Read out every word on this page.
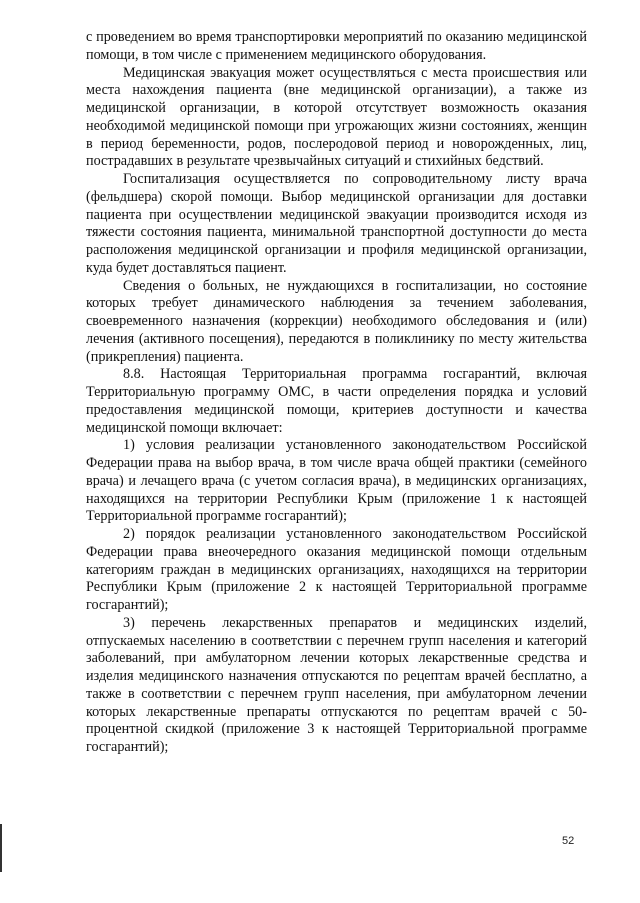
с проведением во время транспортировки мероприятий по оказанию медицинской помощи, в том числе с применением медицинского оборудования.

Медицинская эвакуация может осуществляться с места происшествия или места нахождения пациента (вне медицинской организации), а также из медицинской организации, в которой отсутствует возможность оказания необходимой медицинской помощи при угрожающих жизни состояниях, женщин в период беременности, родов, послеродовой период и новорожденных, лиц, пострадавших в результате чрезвычайных ситуаций и стихийных бедствий.

Госпитализация осуществляется по сопроводительному листу врача (фельдшера) скорой помощи. Выбор медицинской организации для доставки пациента при осуществлении медицинской эвакуации производится исходя из тяжести состояния пациента, минимальной транспортной доступности до места расположения медицинской организации и профиля медицинской организации, куда будет доставляться пациент.

Сведения о больных, не нуждающихся в госпитализации, но состояние которых требует динамического наблюдения за течением заболевания, своевременного назначения (коррекции) необходимого обследования и (или) лечения (активного посещения), передаются в поликлинику по месту жительства (прикрепления) пациента.

8.8. Настоящая Территориальная программа госгарантий, включая Территориальную программу ОМС, в части определения порядка и условий предоставления медицинской помощи, критериев доступности и качества медицинской помощи включает:

1) условия реализации установленного законодательством Российской Федерации права на выбор врача, в том числе врача общей практики (семейного врача) и лечащего врача (с учетом согласия врача), в медицинских организациях, находящихся на территории Республики Крым (приложение 1 к настоящей Территориальной программе госгарантий);

2) порядок реализации установленного законодательством Российской Федерации права внеочередного оказания медицинской помощи отдельным категориям граждан в медицинских организациях, находящихся на территории Республики Крым (приложение 2 к настоящей Территориальной программе госгарантий);

3) перечень лекарственных препаратов и медицинских изделий, отпускаемых населению в соответствии с перечнем групп населения и категорий заболеваний, при амбулаторном лечении которых лекарственные средства и изделия медицинского назначения отпускаются по рецептам врачей бесплатно, а также в соответствии с перечнем групп населения, при амбулаторном лечении которых лекарственные препараты отпускаются по рецептам врачей с 50-процентной скидкой (приложение 3 к настоящей Территориальной программе госгарантий);

52
